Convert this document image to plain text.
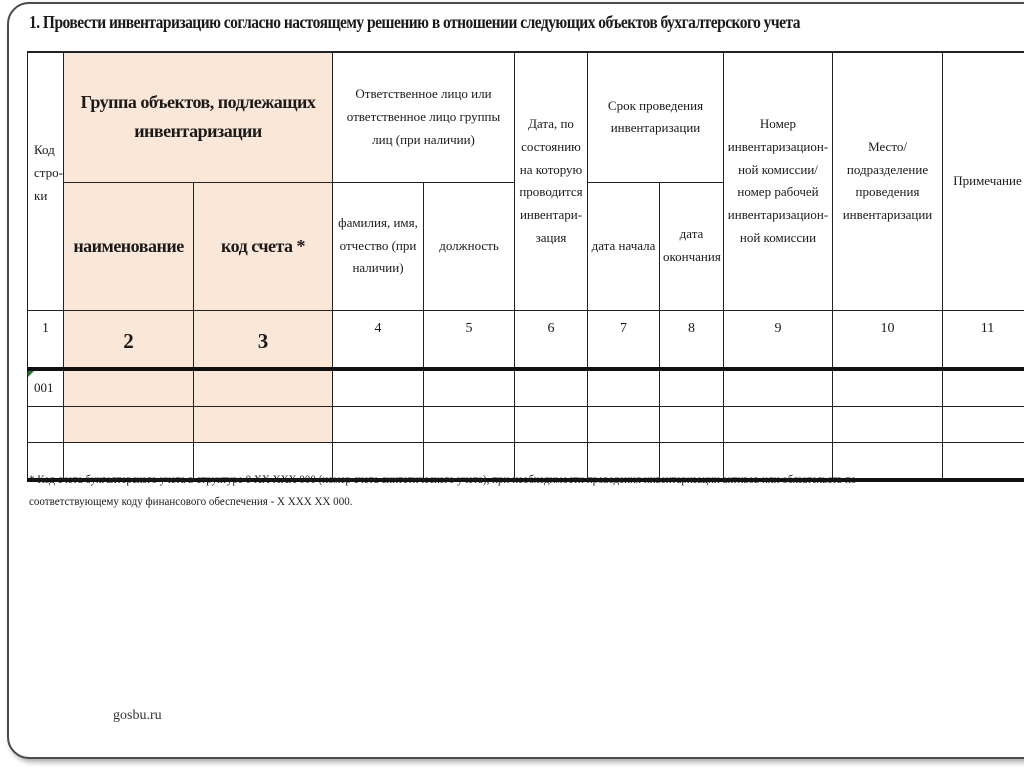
1. Провести инвентаризацию согласно настоящему решению в отношении следующих объектов бухгалтерского учета
Код стро-ки	Группа объектов, подлежащих инвентаризации		Ответственное лицо или ответственное лицо группы лиц (при наличии)		Дата, по состоянию на которую проводится инвентари-зация	Срок проведения инвентаризации		Номер инвентаризацион-ной комиссии/ номер рабочей инвентаризацион-ной комиссии	Место/ подразделение проведения инвентаризации	Примечание
	наименование	код счета *	фамилия, имя, отчество (при наличии)	должность		дата начала	дата окончания			
1	2	3	4	5	6	7	8	9	10	11

001										

* Код счета бухгалтерского учета в структуре 0 ХХ ХХХ 000 (номер счета синтетического учета), при необходимости проведения инвентаризации активов или обязательств по соответствующему коду финансового обеспечения - Х ХХХ ХХ 000.

gosbu.ru
